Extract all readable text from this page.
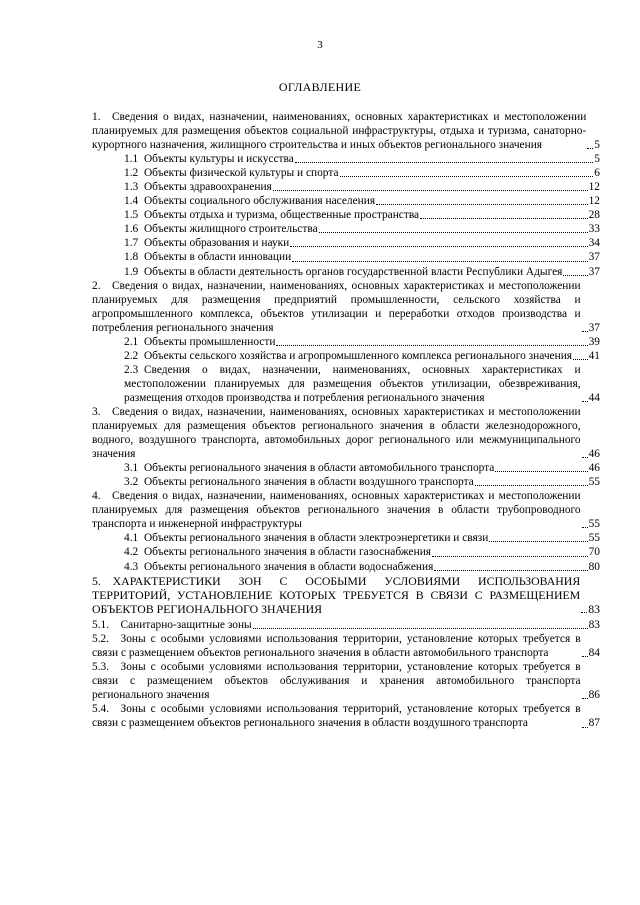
3
ОГЛАВЛЕНИЕ
1.  Сведения о видах, назначении, наименованиях, основных характеристиках и местоположении планируемых для размещения объектов социальной инфраструктуры, отдыха и туризма, санаторно-курортного назначения, жилищного строительства и иных объектов регионального значения	5
1.1  Объекты культуры и искусства	5
1.2  Объекты физической культуры и спорта	6
1.3  Объекты здравоохранения	12
1.4  Объекты социального обслуживания населения	12
1.5  Объекты отдыха и туризма, общественные пространства	28
1.6  Объекты жилищного строительства	33
1.7  Объекты образования и науки	34
1.8  Объекты в области инновации	37
1.9  Объекты в области деятельность органов государственной власти Республики Адыгея 37
2.  Сведения о видах, назначении, наименованиях, основных характеристиках и местоположении планируемых для размещения предприятий промышленности, сельского хозяйства и агропромышленного комплекса, объектов утилизации и переработки отходов производства и потребления регионального значения	37
2.1  Объекты промышленности	39
2.2  Объекты сельского хозяйства и агропромышленного комплекса регионального значения 41
2.3  Сведения о видах, назначении, наименованиях, основных характеристиках и местоположении планируемых для размещения объектов утилизации, обезвреживания, размещения отходов производства и потребления регионального значения	44
3.  Сведения о видах, назначении, наименованиях, основных характеристиках и местоположении планируемых для размещения объектов регионального значения в области железнодорожного, водного, воздушного транспорта, автомобильных дорог регионального или межмуниципального значения	46
3.1  Объекты регионального значения в области автомобильного транспорта	46
3.2  Объекты регионального значения в области воздушного транспорта	55
4.  Сведения о видах, назначении, наименованиях, основных характеристиках и местоположении планируемых для размещения объектов регионального значения в области трубопроводного транспорта и инженерной инфраструктуры	55
4.1  Объекты регионального значения в области электроэнергетики и связи	55
4.2  Объекты регионального значения в области газоснабжения	70
4.3  Объекты регионального значения в области водоснабжения	80
5.  ХАРАКТЕРИСТИКИ ЗОН С ОСОБЫМИ УСЛОВИЯМИ ИСПОЛЬЗОВАНИЯ ТЕРРИТОРИЙ, УСТАНОВЛЕНИЕ КОТОРЫХ ТРЕБУЕТСЯ В СВЯЗИ С РАЗМЕЩЕНИЕМ ОБЪЕКТОВ РЕГИОНАЛЬНОГО ЗНАЧЕНИЯ	83
5.1.  Санитарно-защитные зоны	83
5.2.  Зоны с особыми условиями использования территории, установление которых требуется в связи с размещением объектов регионального значения в области автомобильного транспорта	84
5.3.  Зоны с особыми условиями использования территории, установление которых требуется в связи с размещением объектов обслуживания и хранения автомобильного транспорта регионального значения	86
5.4.  Зоны с особыми условиями использования территорий, установление которых требуется в связи с размещением объектов регионального значения в области воздушного транспорта	87
